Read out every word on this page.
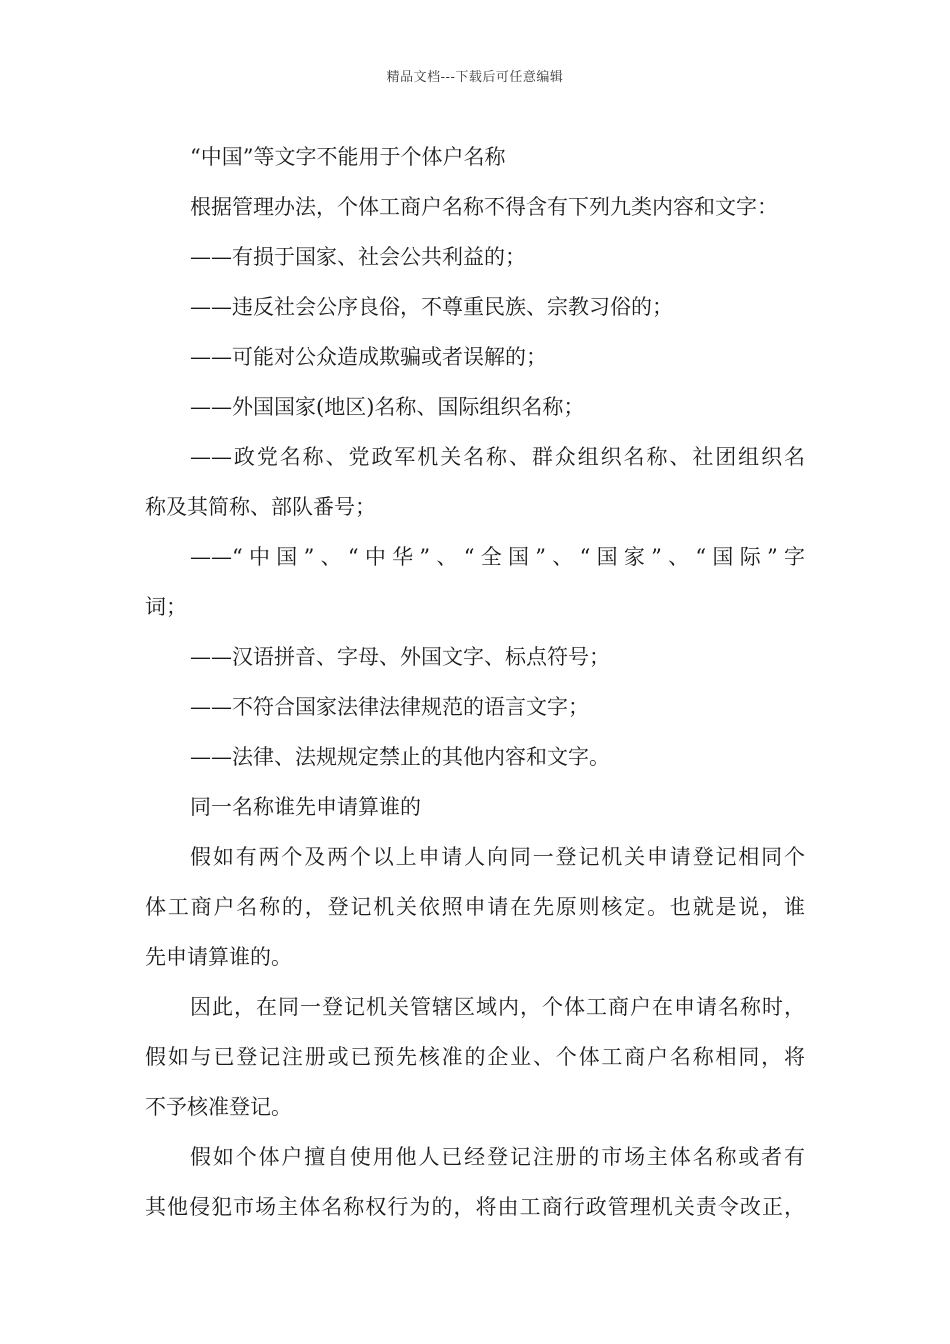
精品文档---下载后可任意编辑
“中国”等文字不能用于个体户名称
根据管理办法，个体工商户名称不得含有下列九类内容和文字：
——有损于国家、社会公共利益的；
——违反社会公序良俗，不尊重民族、宗教习俗的；
——可能对公众造成欺骗或者误解的；
——外国国家(地区)名称、国际组织名称；
——政党名称、党政军机关名称、群众组织名称、社团组织名
称及其简称、部队番号；
——“中国”、“中华”、“全国”、“国家”、“国际”字
词；
——汉语拼音、字母、外国文字、标点符号；
——不符合国家法律法律规范的语言文字；
——法律、法规规定禁止的其他内容和文字。
同一名称谁先申请算谁的
假如有两个及两个以上申请人向同一登记机关申请登记相同个
体工商户名称的，登记机关依照申请在先原则核定。也就是说，谁
先申请算谁的。
因此，在同一登记机关管辖区域内，个体工商户在申请名称时，
假如与已登记注册或已预先核准的企业、个体工商户名称相同，将
不予核准登记。
假如个体户擅自使用他人已经登记注册的市场主体名称或者有
其他侵犯市场主体名称权行为的，将由工商行政管理机关责令改正，
